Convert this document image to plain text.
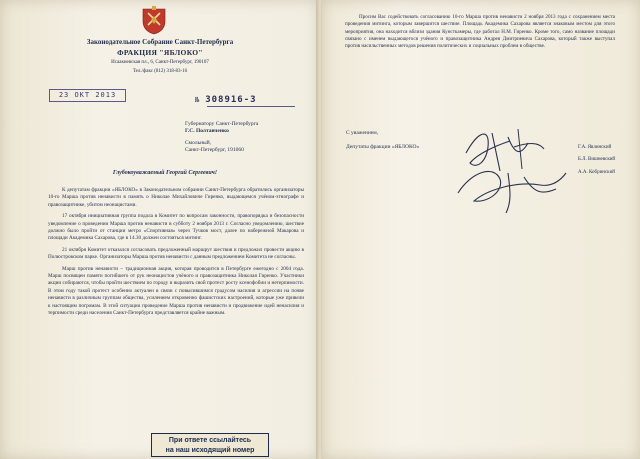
Законодательное Собрание Санкт-Петербурга
ФРАКЦИЯ "ЯБЛОКО"
Исаакиевская пл., 6, Санкт-Петербург, 190107
Тел./факс (812) 318-83-16
23 ОКТ 2013
№ 308916-3
Губернатору Санкт-Петербурга
Г.С. Полтавченко
Смольный,
Санкт-Петербург, 191060
Глубокоуважаемый Георгий Сергеевич!

К депутатам фракции «ЯБЛОКО» в Законодательном собрании Санкт-Петербурга обратились организаторы 10-го Марша против ненависти в память о Николае Михайловиче Гиренко, выдающемся учёном-этнографе и правозащитнике, убитом неонацистами.

17 октября инициативная группа подала в Комитет по вопросам законности, правопорядка и безопасности уведомление о проведении Марша против ненависти в субботу 2 ноября 2013 г. Согласно уведомлению, шествие должно было пройти от станции метро «Спортивная» через Тучков мост, далее по набережной Макарова и площади Академика Сахарова, где в 14.30 должен состояться митинг.

21 октября Комитет отказался согласовать предложенный маршрут шествия и предложил провести акцию в Полюстровском парке. Организаторы Марша против ненависти с данным предложением Комитета не согласны.

Марш против ненависти – традиционная акция, которая проводится в Петербурге ежегодно с 2004 года. Марш посвящен памяти погибшего от рук неонацистов учёного и правозащитника Николая Гиренко. Участники акции собираются, чтобы пройти шествием по городу и выразить свой протест росту ксенофобии и нетерпимости. В этом году такой протест особенно актуален в связи с повысившимся градусом насилия и агрессии на почве ненависти в различным группам общества, усилением откровенно фашистских настроений, которые уже привели к настоящим погромам. В этой ситуации проведение Марша против ненависти и продвижение идей ненасилия и терпимости среди населения Санкт-Петербурга представляется крайне важным.

При ответе ссылайтесь
на наш исходящий номер

Просим Вас содействовать согласованию 10-го Марша против ненависти 2 ноября 2013 года с сохранением места проведения митинга, которым завершится шествие. Площадь Академика Сахарова является знаковым местом для этого мероприятия, она находится вблизи здания Кунсткамеры, где работал Н.М. Гиренко. Кроме того, само название площади связано с именем выдающегося учёного и правозащитника Андрея Дмитриевича Сахарова, который также выступал против насильственных методов решения политических и социальных проблем в обществе.

С уважением,
Депутаты фракции «ЯБЛОКО»	Г.А. Явлинский
Б.Л. Вишневский
А.А. Кобринский
